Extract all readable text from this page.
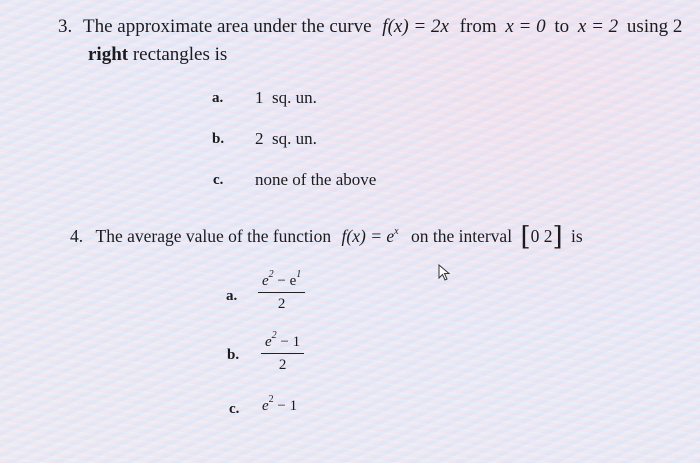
3. The approximate area under the curve f(x) = 2x from x = 0 to x = 2 using 2
right rectangles is
a. 1  sq. un.
b. 2  sq. un.
c. none of the above
4. The average value of the function $f(x) = e^x$ on the interval [0 2] is
a. $\frac{e^2 - e^1}{2}$
b. $\frac{e^2 - 1}{2}$
c. $e^2 - 1$
